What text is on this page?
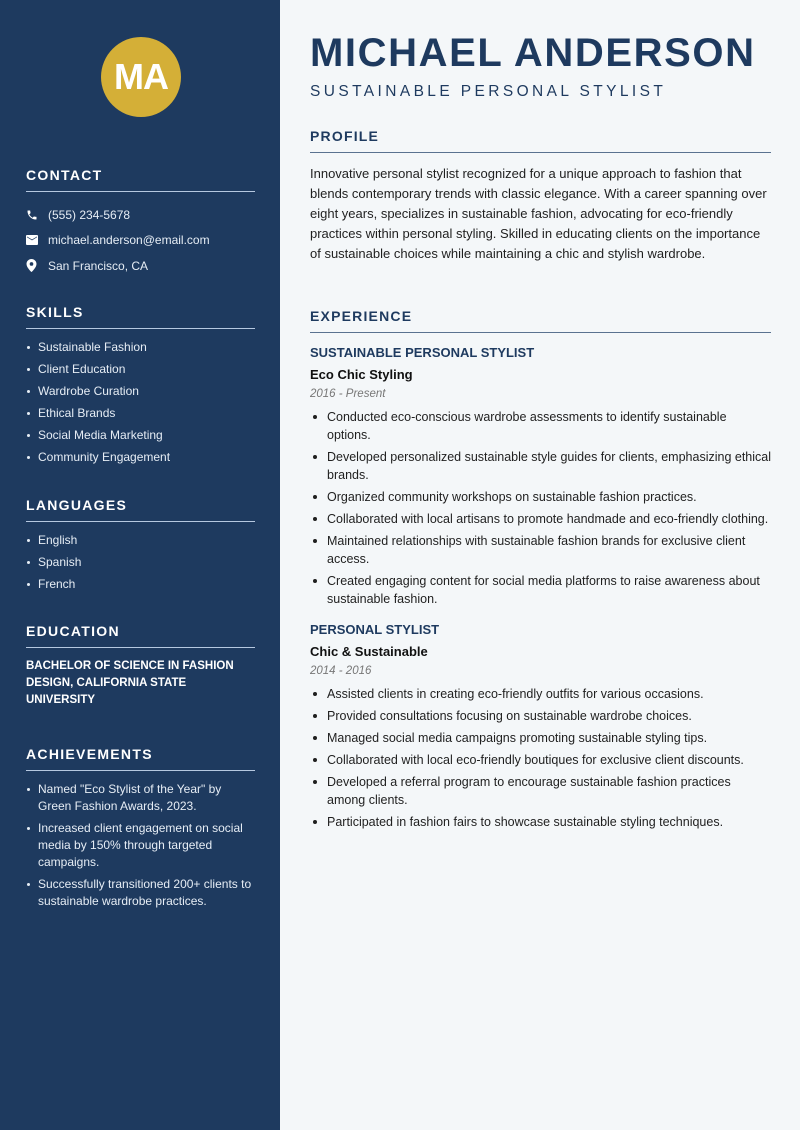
MA
CONTACT
(555) 234-5678
michael.anderson@email.com
San Francisco, CA
SKILLS
Sustainable Fashion
Client Education
Wardrobe Curation
Ethical Brands
Social Media Marketing
Community Engagement
LANGUAGES
English
Spanish
French
EDUCATION
BACHELOR OF SCIENCE IN FASHION DESIGN, CALIFORNIA STATE UNIVERSITY
ACHIEVEMENTS
Named "Eco Stylist of the Year" by Green Fashion Awards, 2023.
Increased client engagement on social media by 150% through targeted campaigns.
Successfully transitioned 200+ clients to sustainable wardrobe practices.
MICHAEL ANDERSON
SUSTAINABLE PERSONAL STYLIST
PROFILE

Innovative personal stylist recognized for a unique approach to fashion that blends contemporary trends with classic elegance. With a career spanning over eight years, specializes in sustainable fashion, advocating for eco-friendly practices within personal styling. Skilled in educating clients on the importance of sustainable choices while maintaining a chic and stylish wardrobe.

EXPERIENCE
SUSTAINABLE PERSONAL STYLIST
Eco Chic Styling
2016 - Present
Conducted eco-conscious wardrobe assessments to identify sustainable options.
Developed personalized sustainable style guides for clients, emphasizing ethical brands.
Organized community workshops on sustainable fashion practices.
Collaborated with local artisans to promote handmade and eco-friendly clothing.
Maintained relationships with sustainable fashion brands for exclusive client access.
Created engaging content for social media platforms to raise awareness about sustainable fashion.
PERSONAL STYLIST
Chic & Sustainable
2014 - 2016
Assisted clients in creating eco-friendly outfits for various occasions.
Provided consultations focusing on sustainable wardrobe choices.
Managed social media campaigns promoting sustainable styling tips.
Collaborated with local eco-friendly boutiques for exclusive client discounts.
Developed a referral program to encourage sustainable fashion practices among clients.
Participated in fashion fairs to showcase sustainable styling techniques.
